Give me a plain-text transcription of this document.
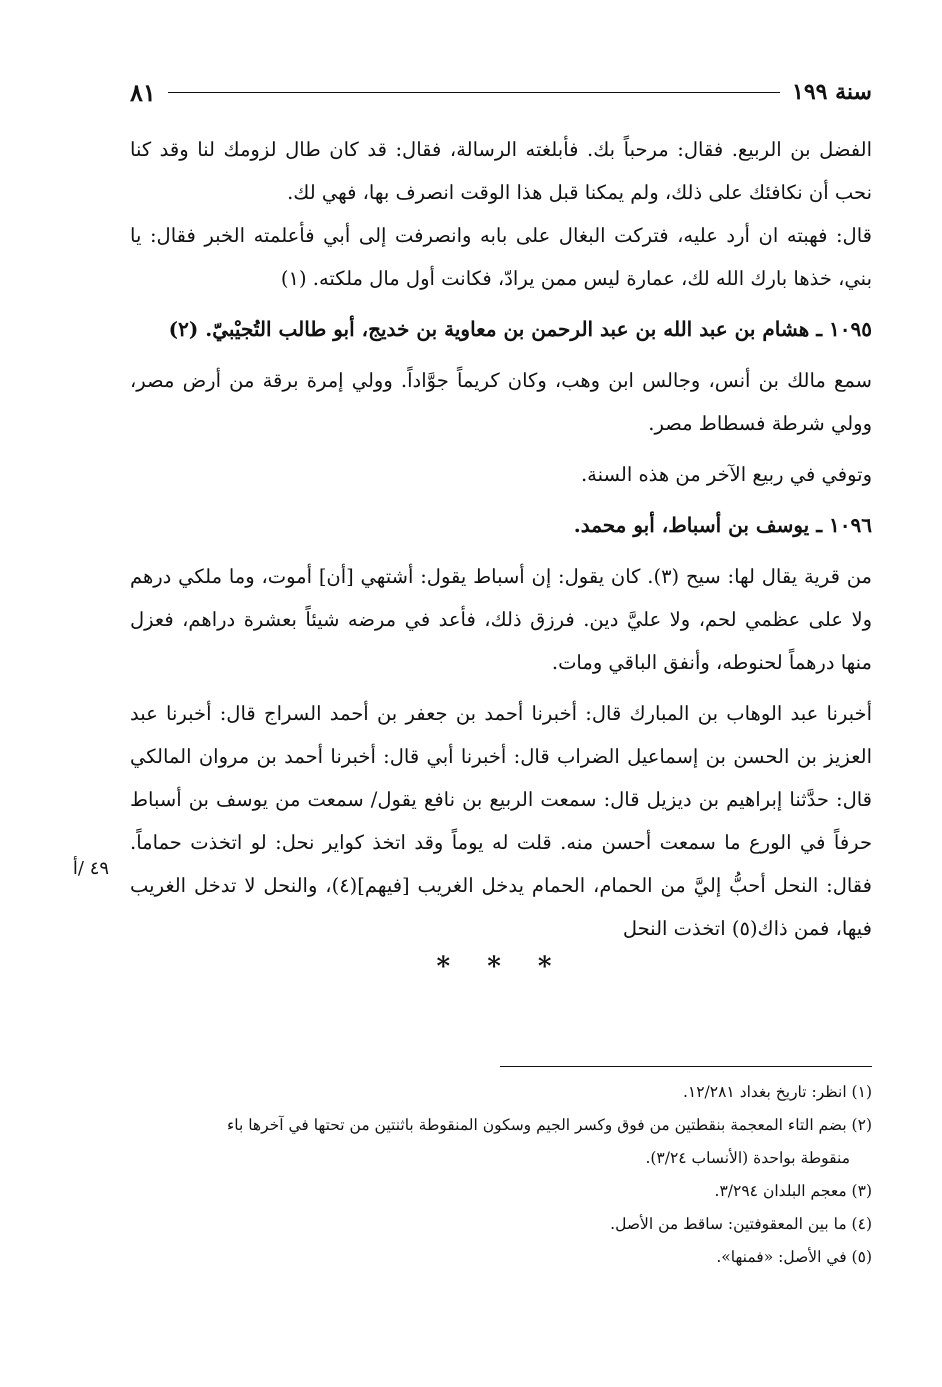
سنة ١٩٩
٨١

الفضل بن الربيع. فقال: مرحباً بك. فأبلغته الرسالة، فقال: قد كان طال لزومك لنا وقد كنا نحب أن نكافئك على ذلك، ولم يمكنا قبل هذا الوقت انصرف بها، فهي لك.

قال: فهبته ان أرد عليه، فتركت البغال على بابه وانصرفت إلى أبي فأعلمته الخبر فقال: يا بني، خذها بارك الله لك، عمارة ليس ممن يرادّ، فكانت أول مال ملكته. (١)

١٠٩٥ ـ هشام بن عبد الله بن عبد الرحمن بن معاوية بن خديج، أبو طالب التُجيْبيّ. (٢)

سمع مالك بن أنس، وجالس ابن وهب، وكان كريماً جوَّاداً. وولي إمرة برقة من أرض مصر، وولي شرطة فسطاط مصر.

وتوفي في ربيع الآخر من هذه السنة.

١٠٩٦ ـ يوسف بن أسباط، أبو محمد.

من قرية يقال لها: سيح (٣). كان يقول: إن أسباط يقول: أشتهي [أن] أموت، وما ملكي درهم ولا على عظمي لحم، ولا عليَّ دين. فرزق ذلك، فأعد في مرضه شيئاً بعشرة دراهم، فعزل منها درهماً لحنوطه، وأنفق الباقي ومات.

أخبرنا عبد الوهاب بن المبارك قال: أخبرنا أحمد بن جعفر بن أحمد السراج قال: أخبرنا عبد العزيز بن الحسن بن إسماعيل الضراب قال: أخبرنا أبي قال: أخبرنا أحمد بن مروان المالكي قال: حدَّثنا إبراهيم بن ديزيل قال: سمعت الربيع بن نافع يقول/ سمعت من يوسف بن أسباط حرفاً في الورع ما سمعت أحسن منه. قلت له يوماً وقد اتخذ كواير نحل: لو اتخذت حماماً. فقال: النحل أحبُّ إليَّ من الحمام، الحمام يدخل الغريب [فيهم](٤)، والنحل لا تدخل الغريب فيها، فمن ذاك(٥) اتخذت النحل

* * *
٤٩ /أ

(١) انظر: تاريخ بغداد ١٢/٢٨١.

(٢) بضم التاء المعجمة بنقطتين من فوق وكسر الجيم وسكون المنقوطة باثنتين من تحتها في آخرها باء

منقوطة بواحدة (الأنساب ٣/٢٤).

(٣) معجم البلدان ٣/٢٩٤.

(٤) ما بين المعقوفتين: ساقط من الأصل.

(٥) في الأصل: «فمنها».
